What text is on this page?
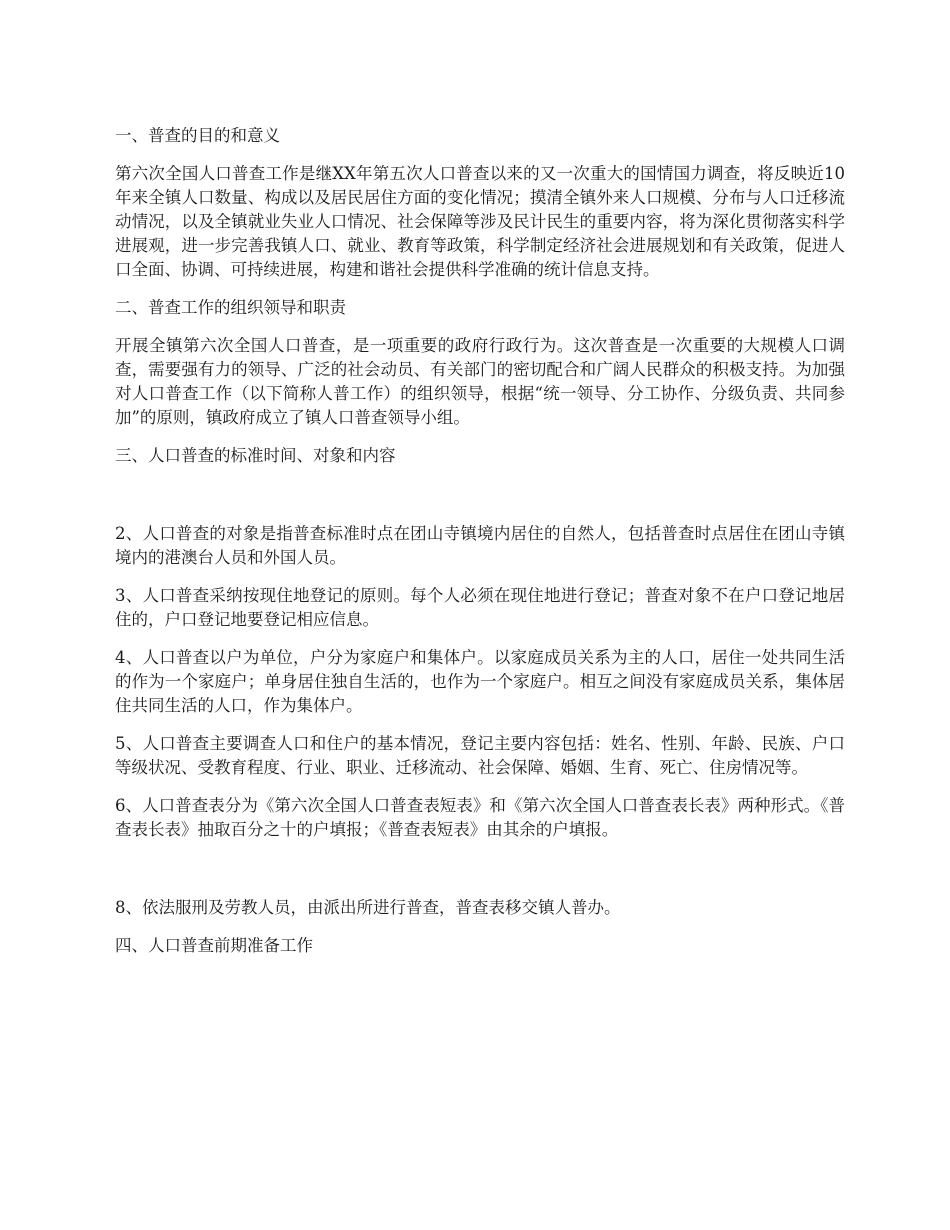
一、普查的目的和意义

第六次全国人口普查工作是继XX年第五次人口普查以来的又一次重大的国情国力调查，将反映近10年来全镇人口数量、构成以及居民居住方面的变化情况；摸清全镇外来人口规模、分布与人口迁移流动情况，以及全镇就业失业人口情况、社会保障等涉及民计民生的重要内容，将为深化贯彻落实科学进展观，进一步完善我镇人口、就业、教育等政策，科学制定经济社会进展规划和有关政策，促进人口全面、协调、可持续进展，构建和谐社会提供科学准确的统计信息支持。

二、普查工作的组织领导和职责

开展全镇第六次全国人口普查，是一项重要的政府行政行为。这次普查是一次重要的大规模人口调查，需要强有力的领导、广泛的社会动员、有关部门的密切配合和广阔人民群众的积极支持。为加强对人口普查工作（以下简称人普工作）的组织领导，根据“统一领导、分工协作、分级负责、共同参加”的原则，镇政府成立了镇人口普查领导小组。

三、人口普查的标准时间、对象和内容

2、人口普查的对象是指普查标准时点在团山寺镇境内居住的自然人，包括普查时点居住在团山寺镇境内的港澳台人员和外国人员。

3、人口普查采纳按现住地登记的原则。每个人必须在现住地进行登记；普查对象不在户口登记地居住的，户口登记地要登记相应信息。

4、人口普查以户为单位，户分为家庭户和集体户。以家庭成员关系为主的人口，居住一处共同生活的作为一个家庭户；单身居住独自生活的，也作为一个家庭户。相互之间没有家庭成员关系，集体居住共同生活的人口，作为集体户。

5、人口普查主要调查人口和住户的基本情况，登记主要内容包括：姓名、性别、年龄、民族、户口等级状况、受教育程度、行业、职业、迁移流动、社会保障、婚姻、生育、死亡、住房情况等。

6、人口普查表分为《第六次全国人口普查表短表》和《第六次全国人口普查表长表》两种形式。《普查表长表》抽取百分之十的户填报；《普查表短表》由其余的户填报。

8、依法服刑及劳教人员，由派出所进行普查，普查表移交镇人普办。

四、人口普查前期准备工作
